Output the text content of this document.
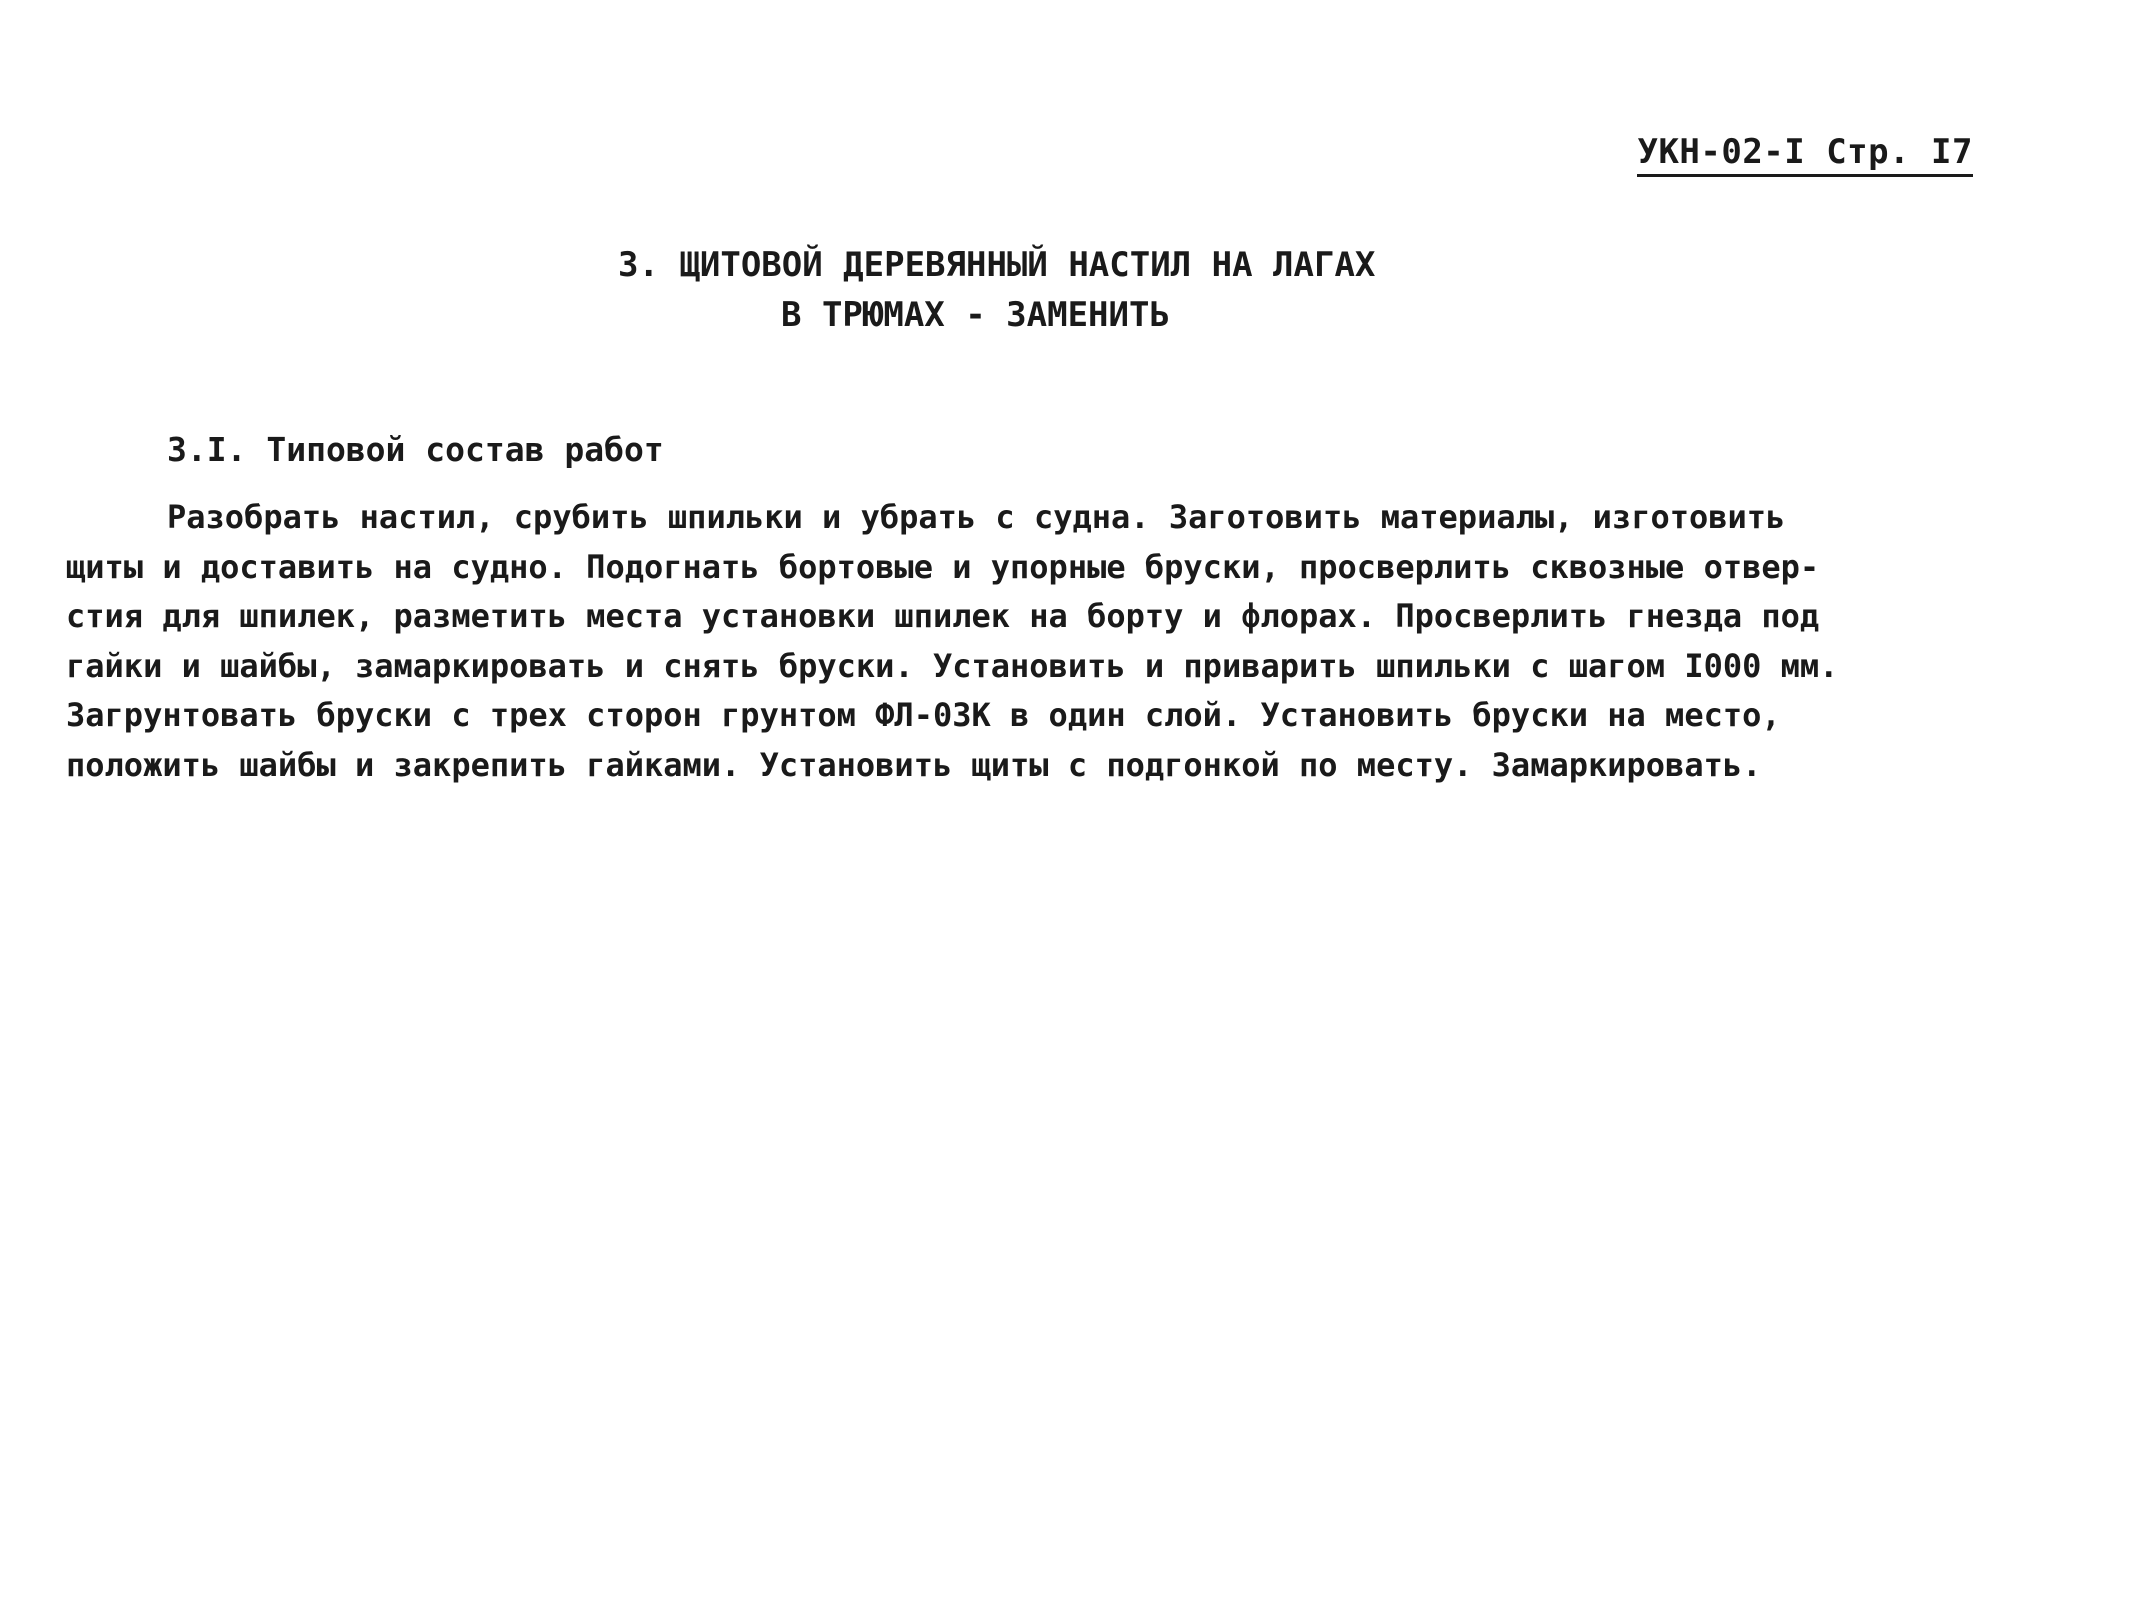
УКН-02-I Стр. I7
3. ЩИТОВОЙ ДЕРЕВЯННЫЙ НАСТИЛ НА ЛАГАХ
В ТРЮМАХ - ЗАМЕНИТЬ
3.I. Типовой состав работ
Разобрать настил, срубить шпильки и убрать с судна. Заготовить материалы, изготовить
щиты и доставить на судно. Подогнать бортовые и упорные бруски, просверлить сквозные отвер-
стия для шпилек, разметить места установки шпилек на борту и флорах. Просверлить гнезда под
гайки и шайбы, замаркировать и снять бруски. Установить и приварить шпильки с шагом I000 мм.
Загрунтовать бруски с трех сторон грунтом ФЛ-03К в один слой. Установить бруски на место,
положить шайбы и закрепить гайками. Установить щиты с подгонкой по месту. Замаркировать.
